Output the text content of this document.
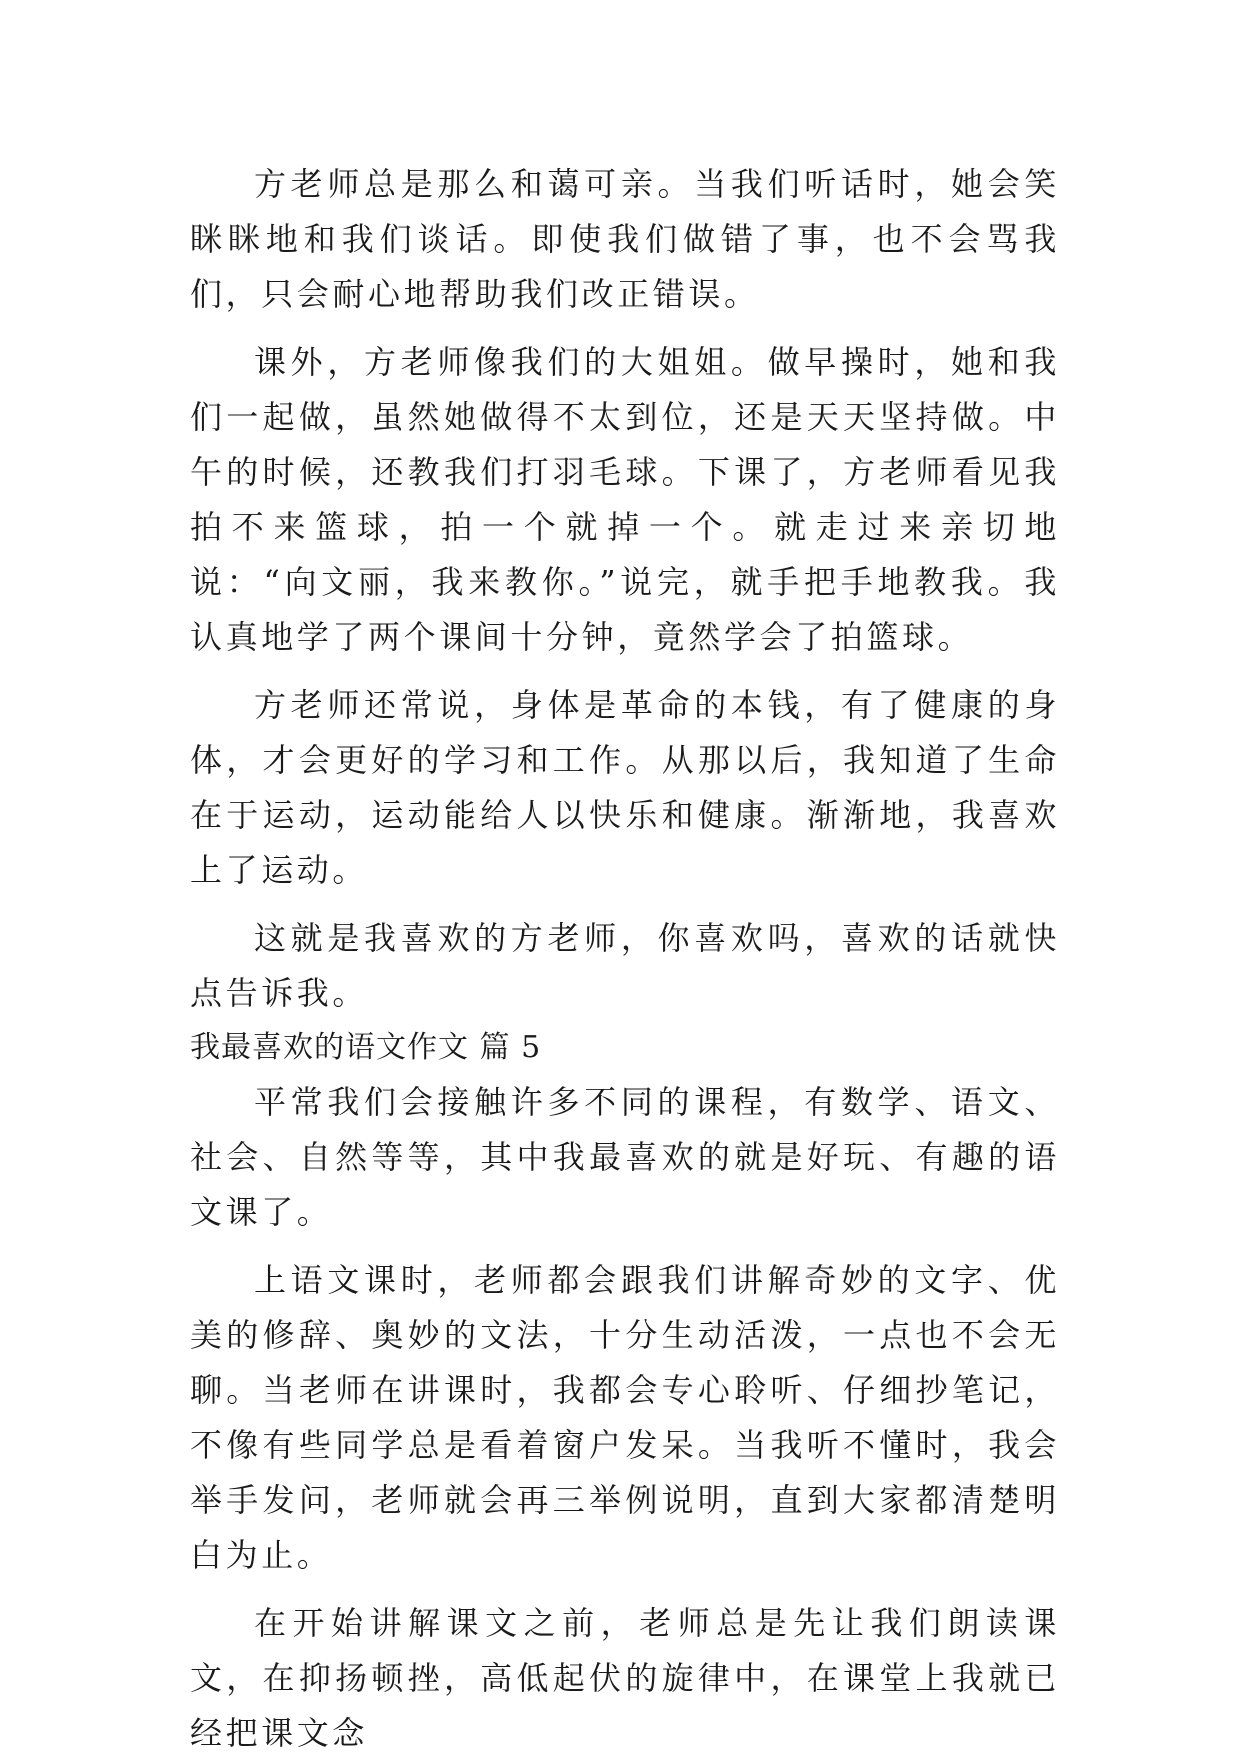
方老师总是那么和蔼可亲。当我们听话时，她会笑眯眯地和我们谈话。即使我们做错了事，也不会骂我们，只会耐心地帮助我们改正错误。

课外，方老师像我们的大姐姐。做早操时，她和我们一起做，虽然她做得不太到位，还是天天坚持做。中午的时候，还教我们打羽毛球。下课了，方老师看见我拍不来篮球，拍一个就掉一个。就走过来亲切地说：“向文丽，我来教你。”说完，就手把手地教我。我认真地学了两个课间十分钟，竟然学会了拍篮球。

方老师还常说，身体是革命的本钱，有了健康的身体，才会更好的学习和工作。从那以后，我知道了生命在于运动，运动能给人以快乐和健康。渐渐地，我喜欢上了运动。

这就是我喜欢的方老师，你喜欢吗，喜欢的话就快点告诉我。

我最喜欢的语文作文 篇 5

平常我们会接触许多不同的课程，有数学、语文、社会、自然等等，其中我最喜欢的就是好玩、有趣的语文课了。

上语文课时，老师都会跟我们讲解奇妙的文字、优美的修辞、奥妙的文法，十分生动活泼，一点也不会无聊。当老师在讲课时，我都会专心聆听、仔细抄笔记，不像有些同学总是看着窗户发呆。当我听不懂时，我会举手发问，老师就会再三举例说明，直到大家都清楚明白为止。

在开始讲解课文之前，老师总是先让我们朗读课文，在抑扬顿挫，高低起伏的旋律中，在课堂上我就已经把课文念
